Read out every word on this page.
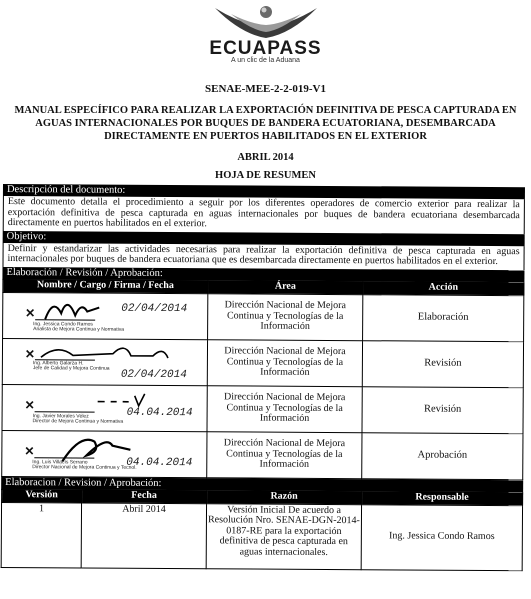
ECUAPASS
A un clic de la Aduana
SENAE-MEE-2-2-019-V1
MANUAL ESPECÍFICO PARA REALIZAR LA EXPORTACIÓN DEFINITIVA DE PESCA CAPTURADA EN AGUAS INTERNACIONALES POR BUQUES DE BANDERA ECUATORIANA, DESEMBARCADA DIRECTAMENTE EN PUERTOS HABILITADOS EN EL EXTERIOR
ABRIL 2014
HOJA DE RESUMEN
Descripción del documento:
Este documento detalla el procedimiento a seguir por los diferentes operadores de comercio exterior para realizar la exportación definitiva de pesca capturada en aguas internacionales por buques de bandera ecuatoriana desembarcada directamente en puertos habilitados en el exterior.
Objetivo:
Definir y estandarizar las actividades necesarias para realizar la exportación definitiva de pesca capturada en aguas internacionales por buques de bandera ecuatoriana que es desembarcada directamente en puertos habilitados en el exterior.
Elaboración / Revisión / Aprobación:
Nombre / Cargo / Firma / Fecha	Área	Acción

✕
Ing. Jessica Condo Ramos
Analista de Mejora Continua y Normativa
02/04/2014	Dirección Nacional de Mejora Continua y Tecnologías de la Información	Elaboración

✕
Ing. Alberto Galarza H.
Jefe de Calidad y Mejora Continua 02/04/2014	Dirección Nacional de Mejora Continua y Tecnologías de la Información	Revisión

✕
Ing. Javier Morales Vélez
Director de Mejora Continua y Normativa
04.04.2014	Dirección Nacional de Mejora Continua y Tecnologías de la Información	Revisión

✕
Ing. Luis Villacís Serrano
Director Nacional de Mejora Continua y Tecnol.
04.04.2014	Dirección Nacional de Mejora Continua y Tecnologías de la Información	Aprobación
Elaboracion / Revision / Aprobación:
Versión	Fecha	Razón	Responsable
1	Abril 2014	Versión Inicial De acuerdo a Resolución Nro. SENAE-DGN-2014-0187-RE para la exportación definitiva de pesca capturada en aguas internacionales.	Ing. Jessica Condo Ramos
